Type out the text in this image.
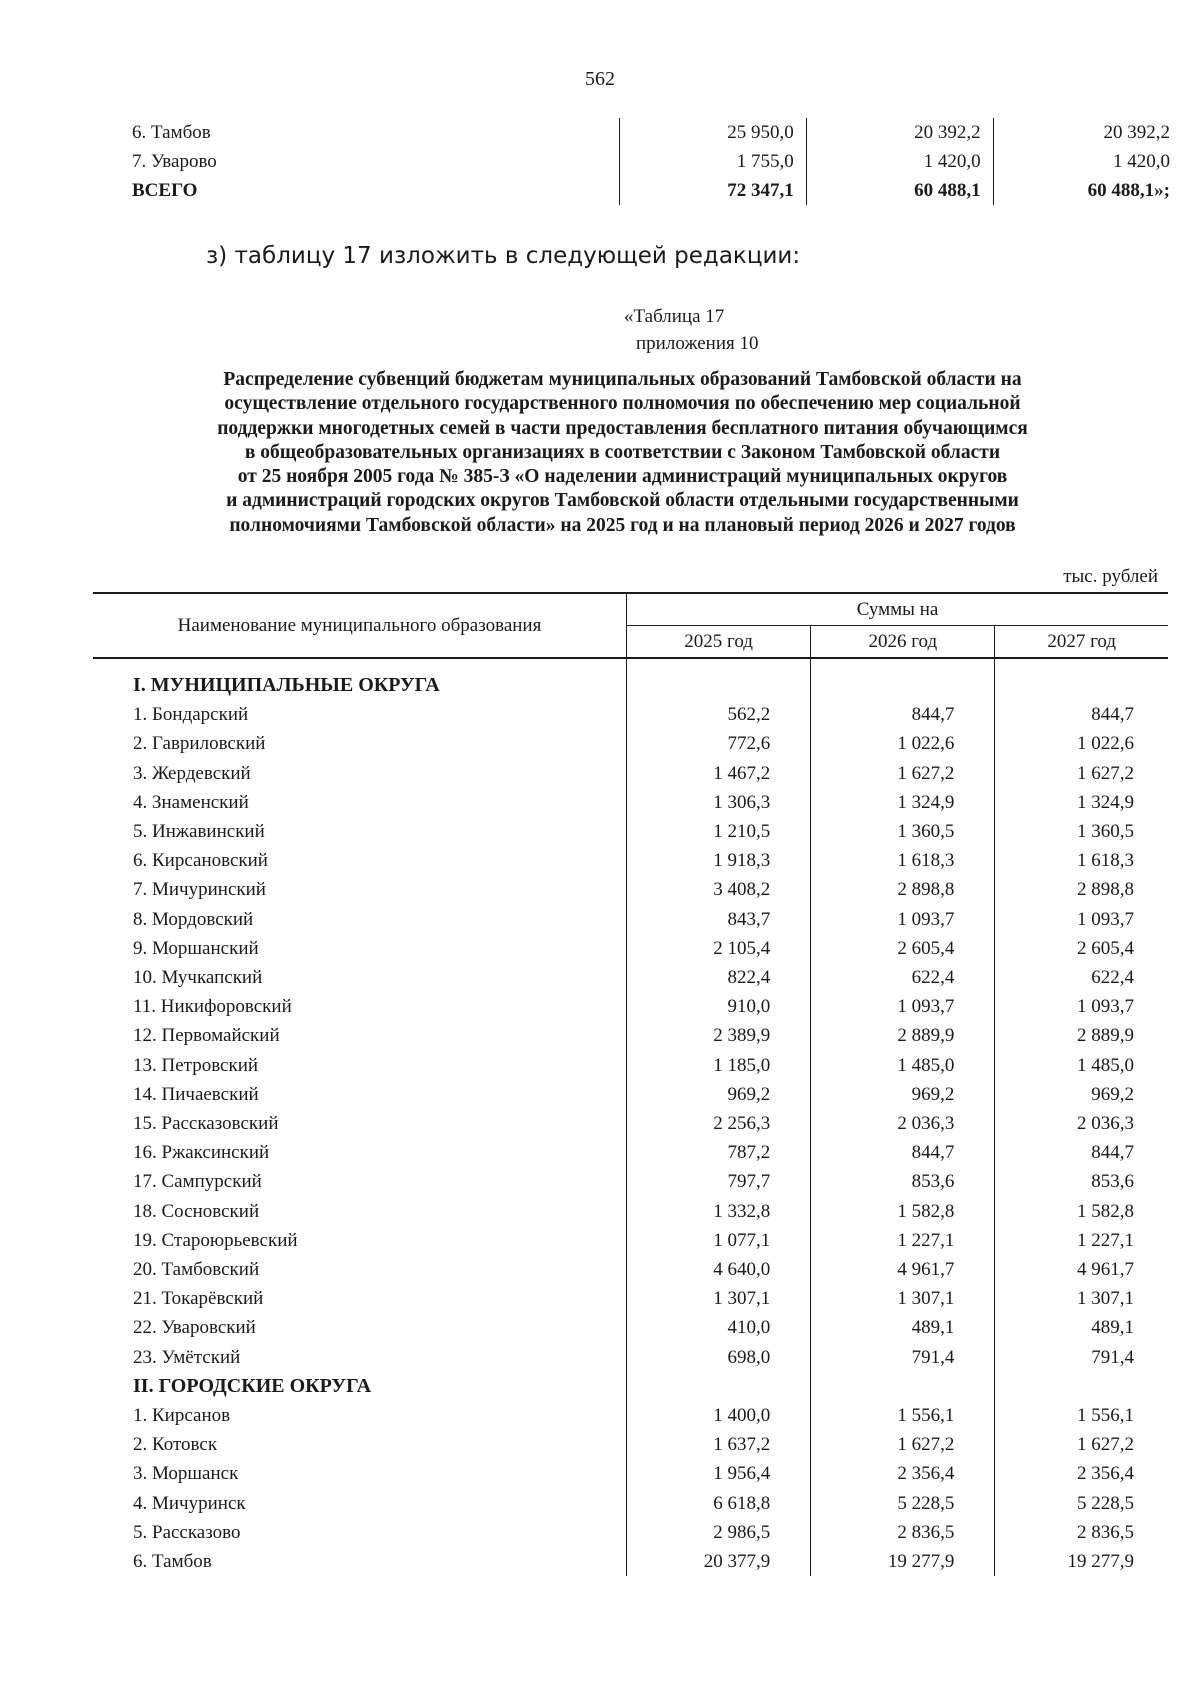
562
6. Тамбов	25 950,0	20 392,2	20 392,2
7. Уварово	1 755,0	1 420,0	1 420,0
ВСЕГО	72 347,1	60 488,1	60 488,1»;
з) таблицу 17 изложить в следующей редакции:
«Таблица 17
приложения 10
Распределение субвенций бюджетам муниципальных образований Тамбовской области на
осуществление отдельного государственного полномочия по обеспечению мер социальной
поддержки многодетных семей в части предоставления бесплатного питания обучающимся
в общеобразовательных организациях в соответствии с Законом Тамбовской области
от 25 ноября 2005 года № 385-З «О наделении администраций муниципальных округов
и администраций городских округов Тамбовской области отдельными государственными
полномочиями Тамбовской области» на 2025 год и на плановый период 2026 и 2027 годов
тыс. рублей
Наименование муниципального образования	Суммы на		
	2025 год	2026 год	2027 год

I. МУНИЦИПАЛЬНЫЕ ОКРУГА			
1. Бондарский	562,2	844,7	844,7
2. Гавриловский	772,6	1 022,6	1 022,6
3. Жердевский	1 467,2	1 627,2	1 627,2
4. Знаменский	1 306,3	1 324,9	1 324,9
5. Инжавинский	1 210,5	1 360,5	1 360,5
6. Кирсановский	1 918,3	1 618,3	1 618,3
7. Мичуринский	3 408,2	2 898,8	2 898,8
8. Мордовский	843,7	1 093,7	1 093,7
9. Моршанский	2 105,4	2 605,4	2 605,4
10. Мучкапский	822,4	622,4	622,4
11. Никифоровский	910,0	1 093,7	1 093,7
12. Первомайский	2 389,9	2 889,9	2 889,9
13. Петровский	1 185,0	1 485,0	1 485,0
14. Пичаевский	969,2	969,2	969,2
15. Рассказовский	2 256,3	2 036,3	2 036,3
16. Ржаксинский	787,2	844,7	844,7
17. Сампурский	797,7	853,6	853,6
18. Сосновский	1 332,8	1 582,8	1 582,8
19. Староюрьевский	1 077,1	1 227,1	1 227,1
20. Тамбовский	4 640,0	4 961,7	4 961,7
21. Токарёвский	1 307,1	1 307,1	1 307,1
22. Уваровский	410,0	489,1	489,1
23. Умётский	698,0	791,4	791,4
II. ГОРОДСКИЕ ОКРУГА			
1. Кирсанов	1 400,0	1 556,1	1 556,1
2. Котовск	1 637,2	1 627,2	1 627,2
3. Моршанск	1 956,4	2 356,4	2 356,4
4. Мичуринск	6 618,8	5 228,5	5 228,5
5. Рассказово	2 986,5	2 836,5	2 836,5
6. Тамбов	20 377,9	19 277,9	19 277,9
